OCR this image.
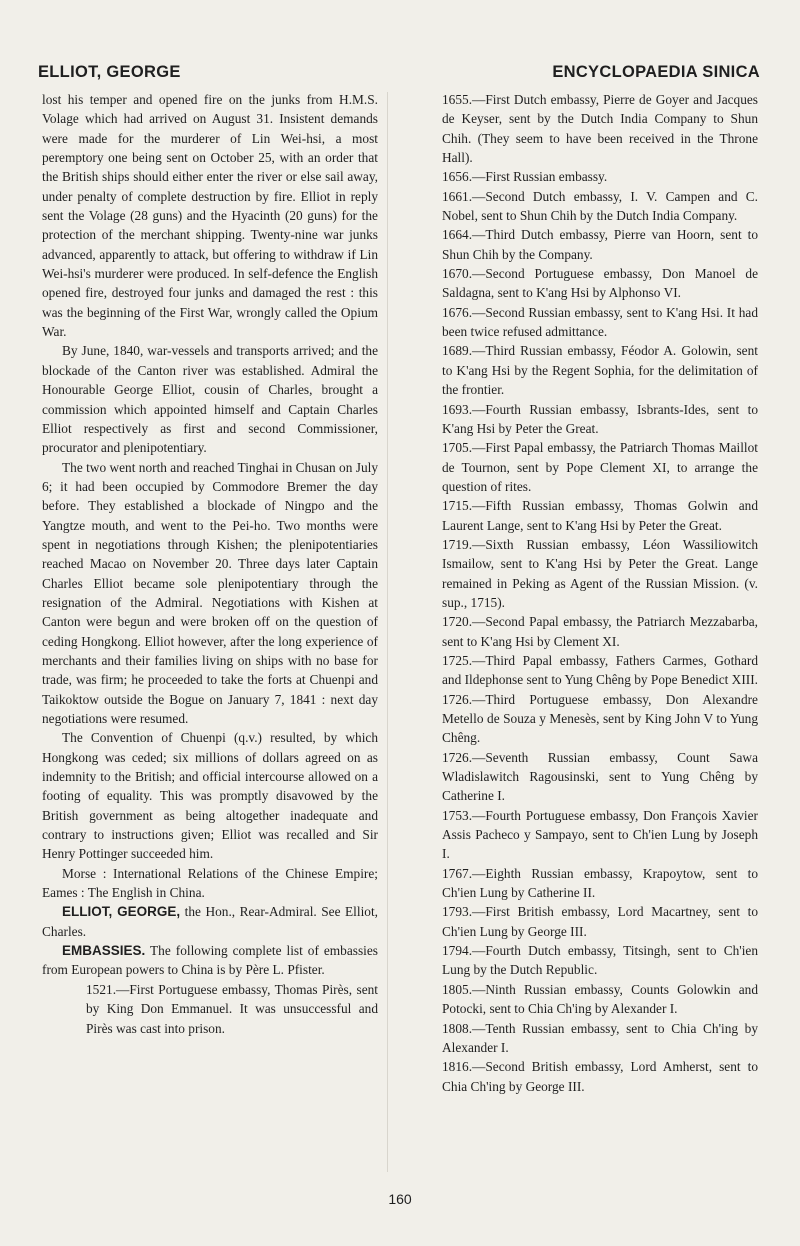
ELLIOT, GEORGE	ENCYCLOPAEDIA SINICA

lost his temper and opened fire on the junks from H.M.S. Volage which had arrived on August 31. Insistent demands were made for the murderer of Lin Wei-hsi, a most peremptory one being sent on October 25, with an order that the British ships should either enter the river or else sail away, under penalty of complete destruction by fire. Elliot in reply sent the Volage (28 guns) and the Hyacinth (20 guns) for the protection of the merchant shipping. Twenty-nine war junks advanced, apparently to attack, but offering to withdraw if Lin Wei-hsi's murderer were produced. In self-defence the English opened fire, destroyed four junks and damaged the rest : this was the beginning of the First War, wrongly called the Opium War.

By June, 1840, war-vessels and transports arrived; and the blockade of the Canton river was established. Admiral the Honourable George Elliot, cousin of Charles, brought a commission which appointed himself and Captain Charles Elliot respectively as first and second Commissioner, procurator and plenipotentiary.

The two went north and reached Tinghai in Chusan on July 6; it had been occupied by Commodore Bremer the day before. They established a blockade of Ningpo and the Yangtze mouth, and went to the Pei-ho. Two months were spent in negotiations through Kishen; the plenipotentiaries reached Macao on November 20. Three days later Captain Charles Elliot became sole plenipotentiary through the resignation of the Admiral. Negotiations with Kishen at Canton were begun and were broken off on the question of ceding Hongkong. Elliot however, after the long experience of merchants and their families living on ships with no base for trade, was firm; he proceeded to take the forts at Chuenpi and Taikoktow outside the Bogue on January 7, 1841 : next day negotiations were resumed.

The Convention of Chuenpi (q.v.) resulted, by which Hongkong was ceded; six millions of dollars agreed on as indemnity to the British; and official intercourse allowed on a footing of equality. This was promptly disavowed by the British government as being altogether inadequate and contrary to instructions given; Elliot was recalled and Sir Henry Pottinger succeeded him.

Morse : International Relations of the Chinese Empire; Eames : The English in China.

ELLIOT, GEORGE, the Hon., Rear-Admiral. See Elliot, Charles.

EMBASSIES. The following complete list of embassies from European powers to China is by Père L. Pfister.

1521.—First Portuguese embassy, Thomas Pirès, sent by King Don Emmanuel. It was unsuccessful and Pirès was cast into prison.

1655.—First Dutch embassy, Pierre de Goyer and Jacques de Keyser, sent by the Dutch India Company to Shun Chih. (They seem to have been received in the Throne Hall).

1656.—First Russian embassy.

1661.—Second Dutch embassy, I. V. Campen and C. Nobel, sent to Shun Chih by the Dutch India Company.

1664.—Third Dutch embassy, Pierre van Hoorn, sent to Shun Chih by the Company.

1670.—Second Portuguese embassy, Don Manoel de Saldagna, sent to K'ang Hsi by Alphonso VI.

1676.—Second Russian embassy, sent to K'ang Hsi. It had been twice refused admittance.

1689.—Third Russian embassy, Féodor A. Golowin, sent to K'ang Hsi by the Regent Sophia, for the delimitation of the frontier.

1693.—Fourth Russian embassy, Isbrants-Ides, sent to K'ang Hsi by Peter the Great.

1705.—First Papal embassy, the Patriarch Thomas Maillot de Tournon, sent by Pope Clement XI, to arrange the question of rites.

1715.—Fifth Russian embassy, Thomas Golwin and Laurent Lange, sent to K'ang Hsi by Peter the Great.

1719.—Sixth Russian embassy, Léon Wassiliowitch Ismailow, sent to K'ang Hsi by Peter the Great. Lange remained in Peking as Agent of the Russian Mission. (v. sup., 1715).

1720.—Second Papal embassy, the Patriarch Mezzabarba, sent to K'ang Hsi by Clement XI.

1725.—Third Papal embassy, Fathers Carmes, Gothard and Ildephonse sent to Yung Chêng by Pope Benedict XIII.

1726.—Third Portuguese embassy, Don Alexandre Metello de Souza y Menesès, sent by King John V to Yung Chêng.

1726.—Seventh Russian embassy, Count Sawa Wladislawitch Ragousinski, sent to Yung Chêng by Catherine I.

1753.—Fourth Portuguese embassy, Don François Xavier Assis Pacheco y Sampayo, sent to Ch'ien Lung by Joseph I.

1767.—Eighth Russian embassy, Krapoytow, sent to Ch'ien Lung by Catherine II.

1793.—First British embassy, Lord Macartney, sent to Ch'ien Lung by George III.

1794.—Fourth Dutch embassy, Titsingh, sent to Ch'ien Lung by the Dutch Republic.

1805.—Ninth Russian embassy, Counts Golowkin and Potocki, sent to Chia Ch'ing by Alexander I.

1808.—Tenth Russian embassy, sent to Chia Ch'ing by Alexander I.

1816.—Second British embassy, Lord Amherst, sent to Chia Ch'ing by George III.

160
